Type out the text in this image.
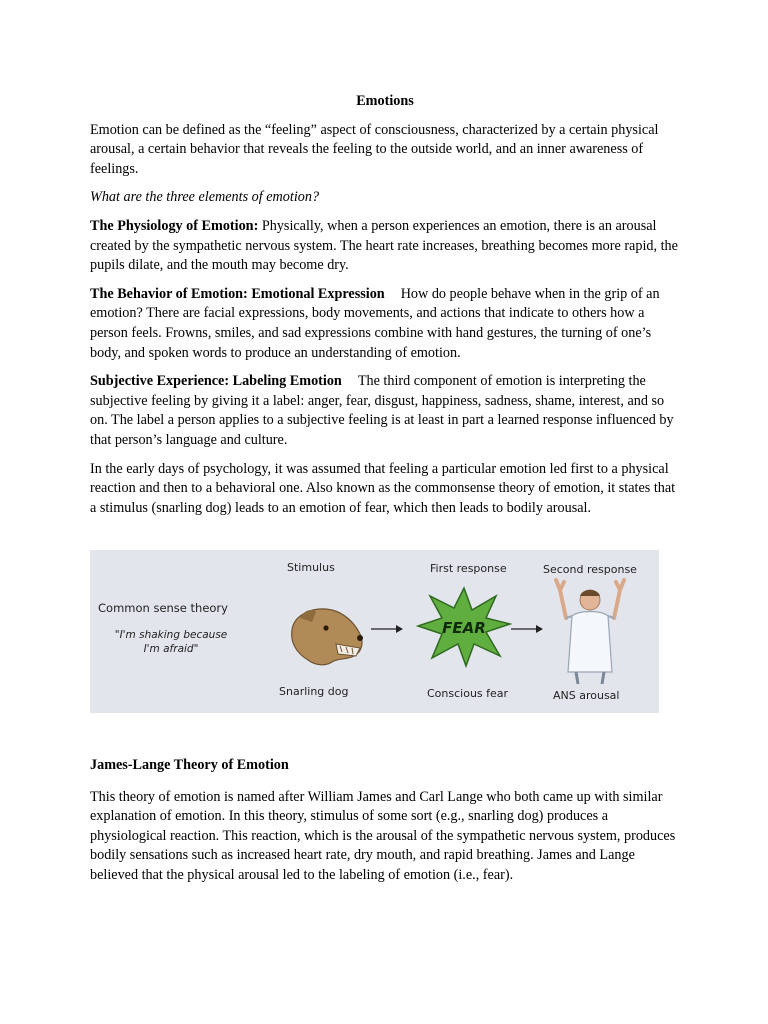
Emotions

Emotion can be defined as the “feeling” aspect of consciousness, characterized by a certain physical arousal, a certain behavior that reveals the feeling to the outside world, and an inner awareness of feelings.

What are the three elements of emotion?

The Physiology of Emotion: Physically, when a person experiences an emotion, there is an arousal created by the sympathetic nervous system. The heart rate increases, breathing becomes more rapid, the pupils dilate, and the mouth may become dry.

The Behavior of Emotion: Emotional Expression How do people behave when in the grip of an emotion? There are facial expressions, body movements, and actions that indicate to others how a person feels. Frowns, smiles, and sad expressions combine with hand gestures, the turning of one’s body, and spoken words to produce an understanding of emotion.

Subjective Experience: Labeling Emotion The third component of emotion is interpreting the subjective feeling by giving it a label: anger, fear, disgust, happiness, sadness, shame, interest, and so on. The label a person applies to a subjective feeling is at least in part a learned response influenced by that person’s language and culture.

In the early days of psychology, it was assumed that feeling a particular emotion led first to a physical reaction and then to a behavioral one. Also known as the commonsense theory of emotion, it states that a stimulus (snarling dog) leads to an emotion of fear, which then leads to bodily arousal.

Common sense theory
"I'm shaking because
I'm afraid"
Stimulus	First response	Second response
FEAR
Snarling dog	Conscious fear	ANS arousal
James-Lange Theory of Emotion

This theory of emotion is named after William James and Carl Lange who both came up with similar explanation of emotion. In this theory, stimulus of some sort (e.g., snarling dog) produces a physiological reaction. This reaction, which is the arousal of the sympathetic nervous system, produces bodily sensations such as increased heart rate, dry mouth, and rapid breathing. James and Lange believed that the physical arousal led to the labeling of emotion (i.e., fear).
